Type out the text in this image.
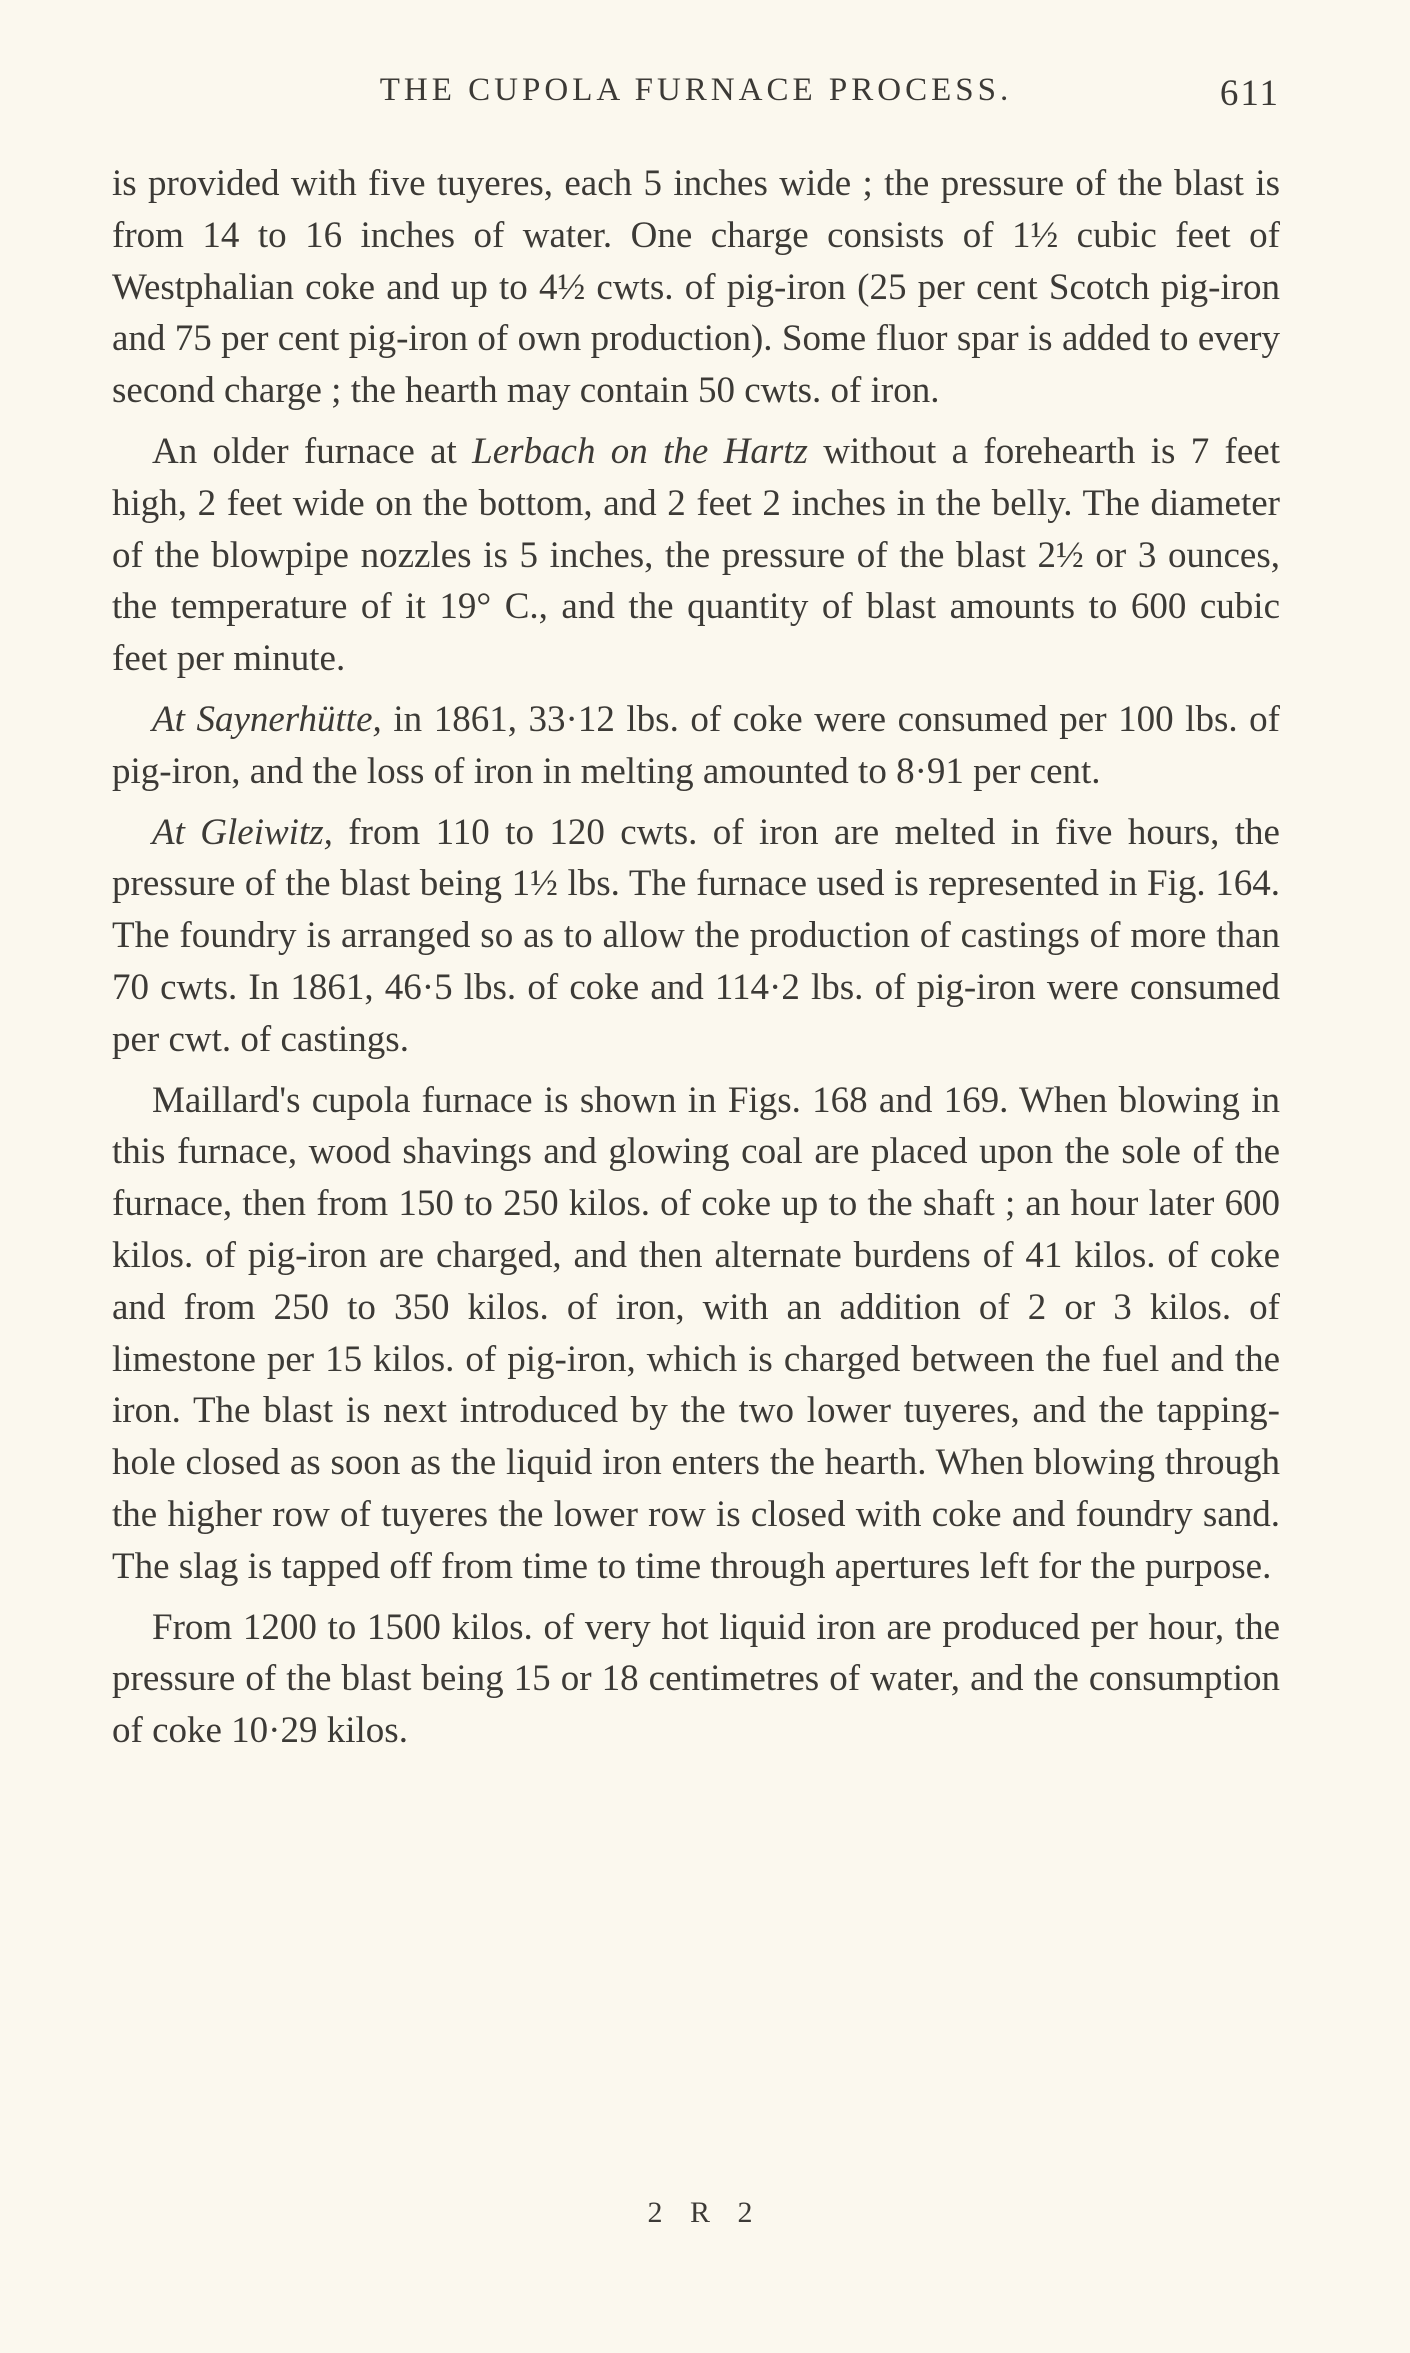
THE CUPOLA FURNACE PROCESS.	611

is provided with five tuyeres, each 5 inches wide ; the pressure of the blast is from 14 to 16 inches of water. One charge consists of 1½ cubic feet of Westphalian coke and up to 4½ cwts. of pig-iron (25 per cent Scotch pig-iron and 75 per cent pig-iron of own production). Some fluor spar is added to every second charge ; the hearth may contain 50 cwts. of iron.

An older furnace at Lerbach on the Hartz without a forehearth is 7 feet high, 2 feet wide on the bottom, and 2 feet 2 inches in the belly. The diameter of the blowpipe nozzles is 5 inches, the pressure of the blast 2½ or 3 ounces, the temperature of it 19° C., and the quantity of blast amounts to 600 cubic feet per minute.

At Saynerhütte, in 1861, 33·12 lbs. of coke were consumed per 100 lbs. of pig-iron, and the loss of iron in melting amounted to 8·91 per cent.

At Gleiwitz, from 110 to 120 cwts. of iron are melted in five hours, the pressure of the blast being 1½ lbs. The furnace used is represented in Fig. 164. The foundry is arranged so as to allow the production of castings of more than 70 cwts. In 1861, 46·5 lbs. of coke and 114·2 lbs. of pig-iron were consumed per cwt. of castings.

Maillard's cupola furnace is shown in Figs. 168 and 169. When blowing in this furnace, wood shavings and glowing coal are placed upon the sole of the furnace, then from 150 to 250 kilos. of coke up to the shaft ; an hour later 600 kilos. of pig-iron are charged, and then alternate burdens of 41 kilos. of coke and from 250 to 350 kilos. of iron, with an addition of 2 or 3 kilos. of limestone per 15 kilos. of pig-iron, which is charged between the fuel and the iron. The blast is next introduced by the two lower tuyeres, and the tapping-hole closed as soon as the liquid iron enters the hearth. When blowing through the higher row of tuyeres the lower row is closed with coke and foundry sand. The slag is tapped off from time to time through apertures left for the purpose.

From 1200 to 1500 kilos. of very hot liquid iron are produced per hour, the pressure of the blast being 15 or 18 centimetres of water, and the consumption of coke 10·29 kilos.

2 R 2
